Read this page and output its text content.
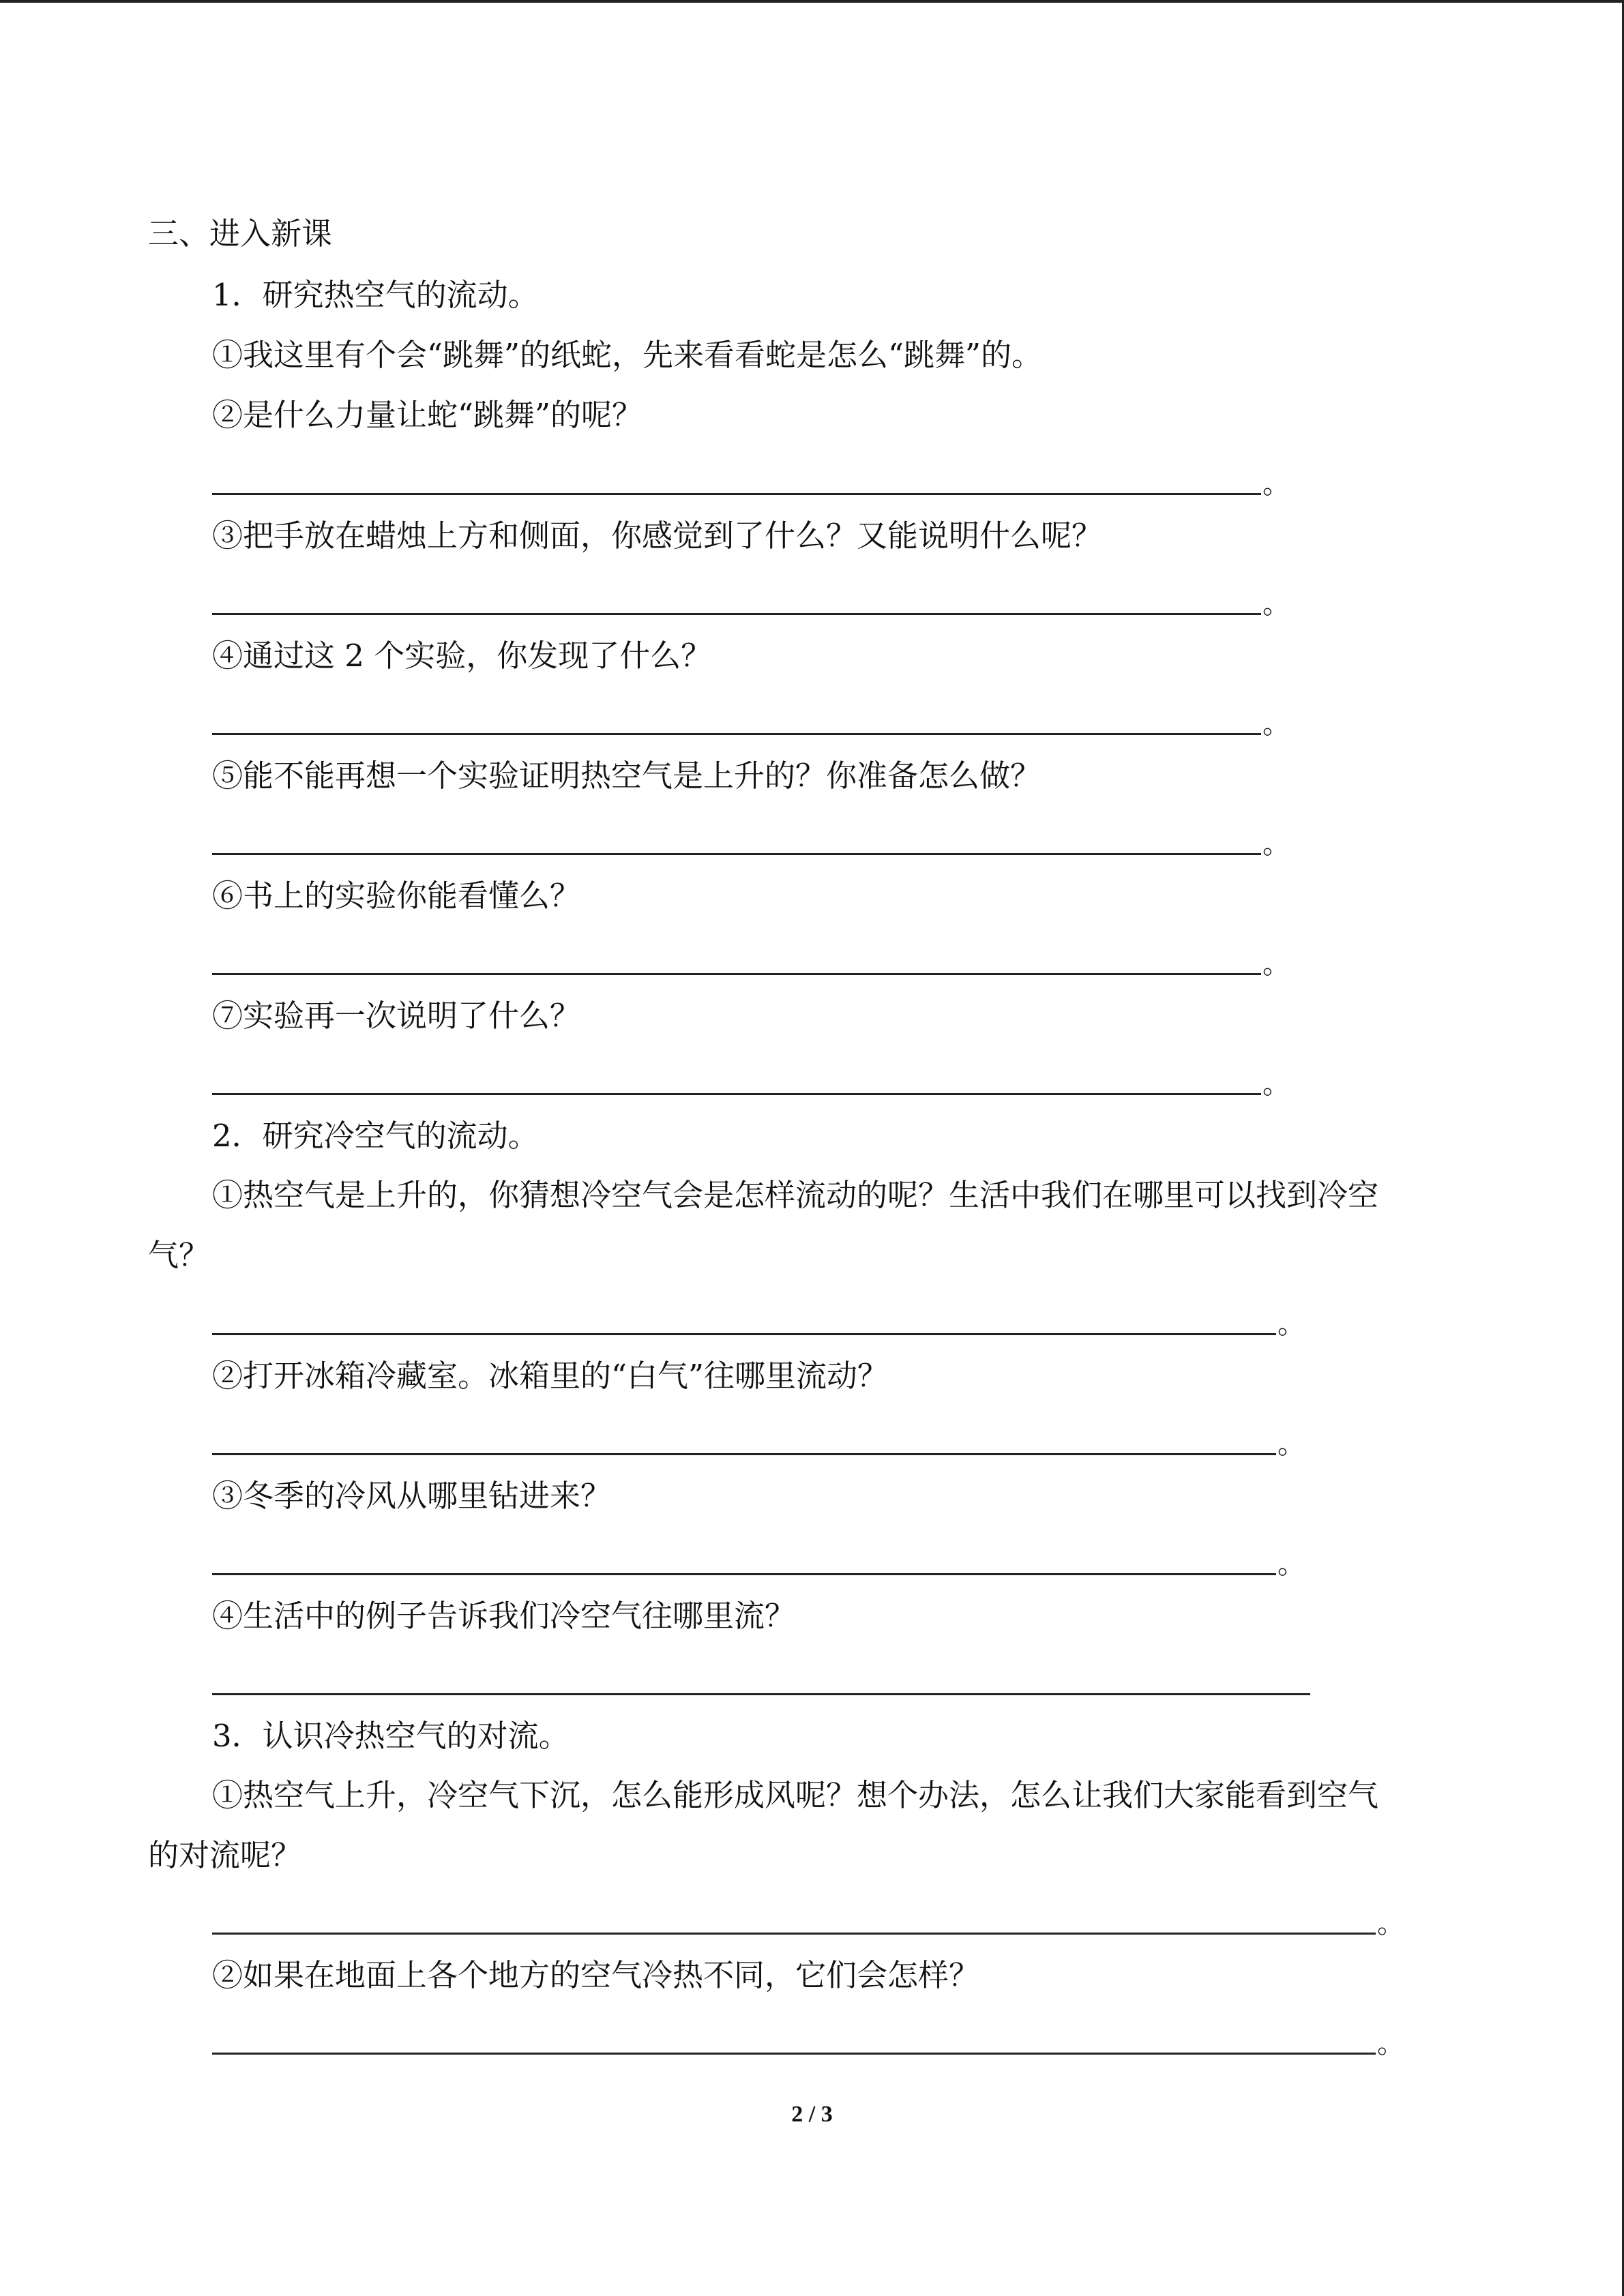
三、进入新课
1．研究热空气的流动。
①我这里有个会“跳舞”的纸蛇，先来看看蛇是怎么“跳舞”的。
②是什么力量让蛇“跳舞”的呢？
。
③把手放在蜡烛上方和侧面，你感觉到了什么？又能说明什么呢？
。
④通过这 2 个实验，你发现了什么？
。
⑤能不能再想一个实验证明热空气是上升的？你准备怎么做？
。
⑥书上的实验你能看懂么？
。
⑦实验再一次说明了什么？
。
2．研究冷空气的流动。
①热空气是上升的，你猜想冷空气会是怎样流动的呢？生活中我们在哪里可以找到冷空
气？
。
②打开冰箱冷藏室。冰箱里的“白气”往哪里流动？
。
③冬季的冷风从哪里钻进来？
。
④生活中的例子告诉我们冷空气往哪里流？
3．认识冷热空气的对流。
①热空气上升，冷空气下沉，怎么能形成风呢？想个办法，怎么让我们大家能看到空气
的对流呢？
。
②如果在地面上各个地方的空气冷热不同，它们会怎样？
。
2 / 3
